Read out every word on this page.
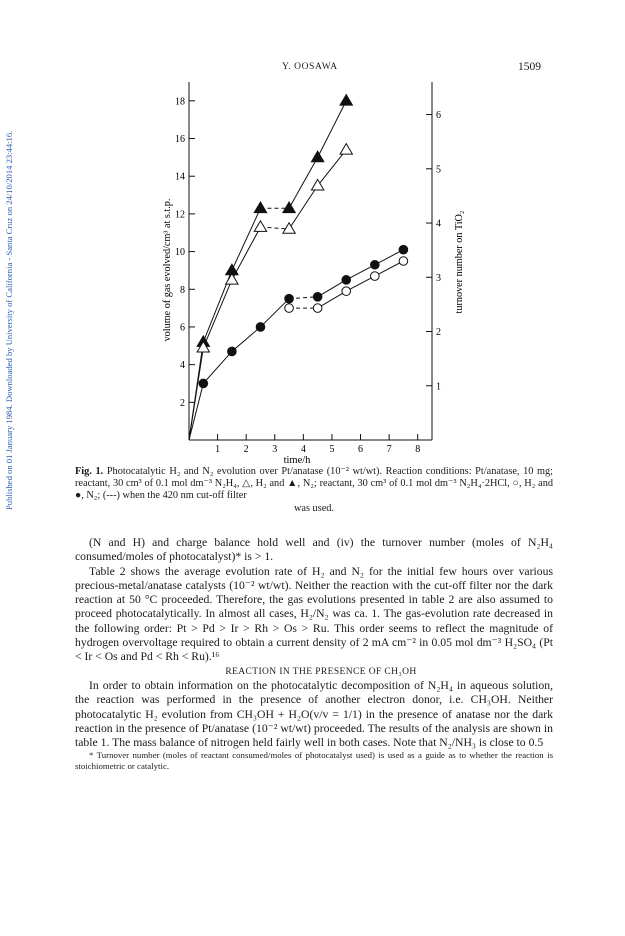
Published on 01 January 1984. Downloaded by University of California - Santa Cruz on 24/10/2014 23:44:16.
Y. OOSAWA	1509
1 2 3 4 5 6 7 8
2
4
6
8
10
12
14
16
18
1
2
3
4
5
6
time/h
volume of gas evolved/cm³ at s.t.p.	turnover number on TiO₂
Fig. 1. Photocatalytic H₂ and N₂ evolution over Pt/anatase (10⁻² wt/wt). Reaction conditions: Pt/anatase, 10 mg; reactant, 30 cm³ of 0.1 mol dm⁻³ N₂H₄, △, H₂ and ▲, N₂; reactant, 30 cm³ of 0.1 mol dm⁻³ N₂H₄·2HCl, ○, H₂ and ●, N₂; (---) when the 420 nm cut-off filter
was used.

(N and H) and charge balance hold well and (iv) the turnover number (moles of N₂H₄ consumed/moles of photocatalyst)* is > 1.

Table 2 shows the average evolution rate of H₂ and N₂ for the initial few hours over various precious-metal/anatase catalysts (10⁻² wt/wt). Neither the reaction with the cut-off filter nor the dark reaction at 50 °C proceeded. Therefore, the gas evolutions presented in table 2 are also assumed to proceed photocatalytically. In almost all cases, H₂/N₂ was ca. 1. The gas-evolution rate decreased in the following order: Pt > Pd > Ir > Rh > Os > Ru. This order seems to reflect the magnitude of hydrogen overvoltage required to obtain a current density of 2 mA cm⁻² in 0.05 mol dm⁻³ H₂SO₄ (Pt < Ir < Os and Pd < Rh < Ru).¹⁶

REACTION IN THE PRESENCE OF CH₃OH

In order to obtain information on the photocatalytic decomposition of N₂H₄ in aqueous solution, the reaction was performed in the presence of another electron donor, i.e. CH₃OH. Neither photocatalytic H₂ evolution from CH₃OH + H₂O(v/v = 1/1) in the presence of anatase nor the dark reaction in the presence of Pt/anatase (10⁻² wt/wt) proceeded. The results of the analysis are shown in table 1. The mass balance of nitrogen held fairly well in both cases. Note that N₂/NH₃ is close to 0.5

* Turnover number (moles of reactant consumed/moles of photocatalyst used) is used as a guide as to whether the reaction is stoichiometric or catalytic.
